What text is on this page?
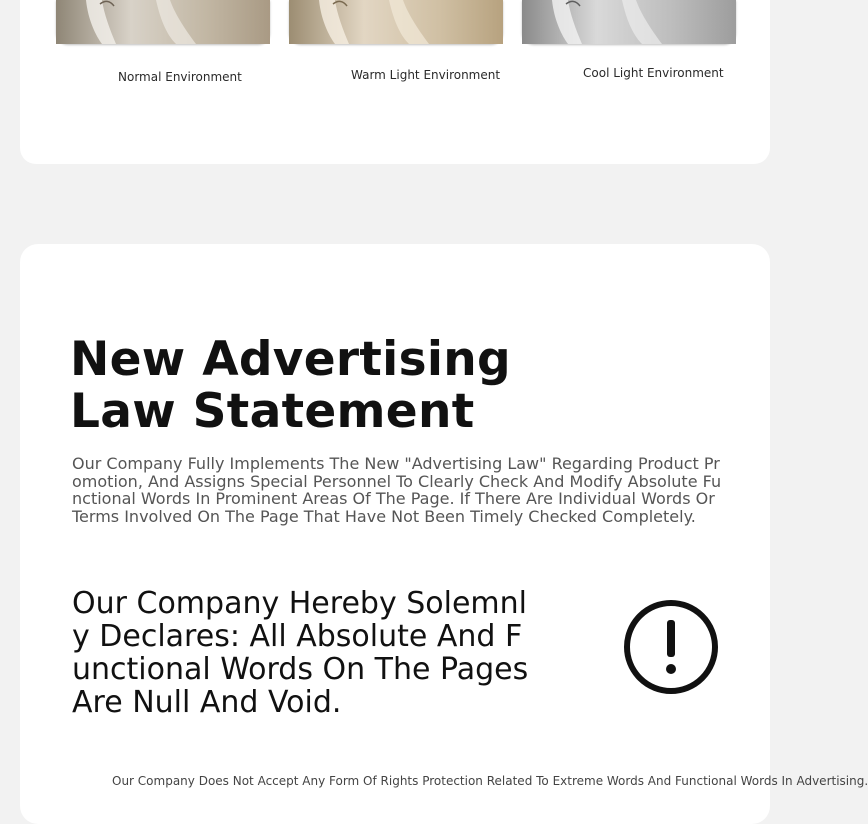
Normal Environment	Warm Light Environment	Cool Light Environment
New Advertising Law Statement

Our Company Fully Implements The New "Advertising Law" Regarding Product Promotion, And Assigns Special Personnel To Clearly Check And Modify Absolute Functional Words In Prominent Areas Of The Page. If There Are Individual Words Or Terms Involved On The Page That Have Not Been Timely Checked Completely.

Our Company Hereby Solemnly Declares: All Absolute And Functional Words On The Pages Are Null And Void.

Our Company Does Not Accept Any Form Of Rights Protection Related To Extreme Words And Functional Words In Advertising.
